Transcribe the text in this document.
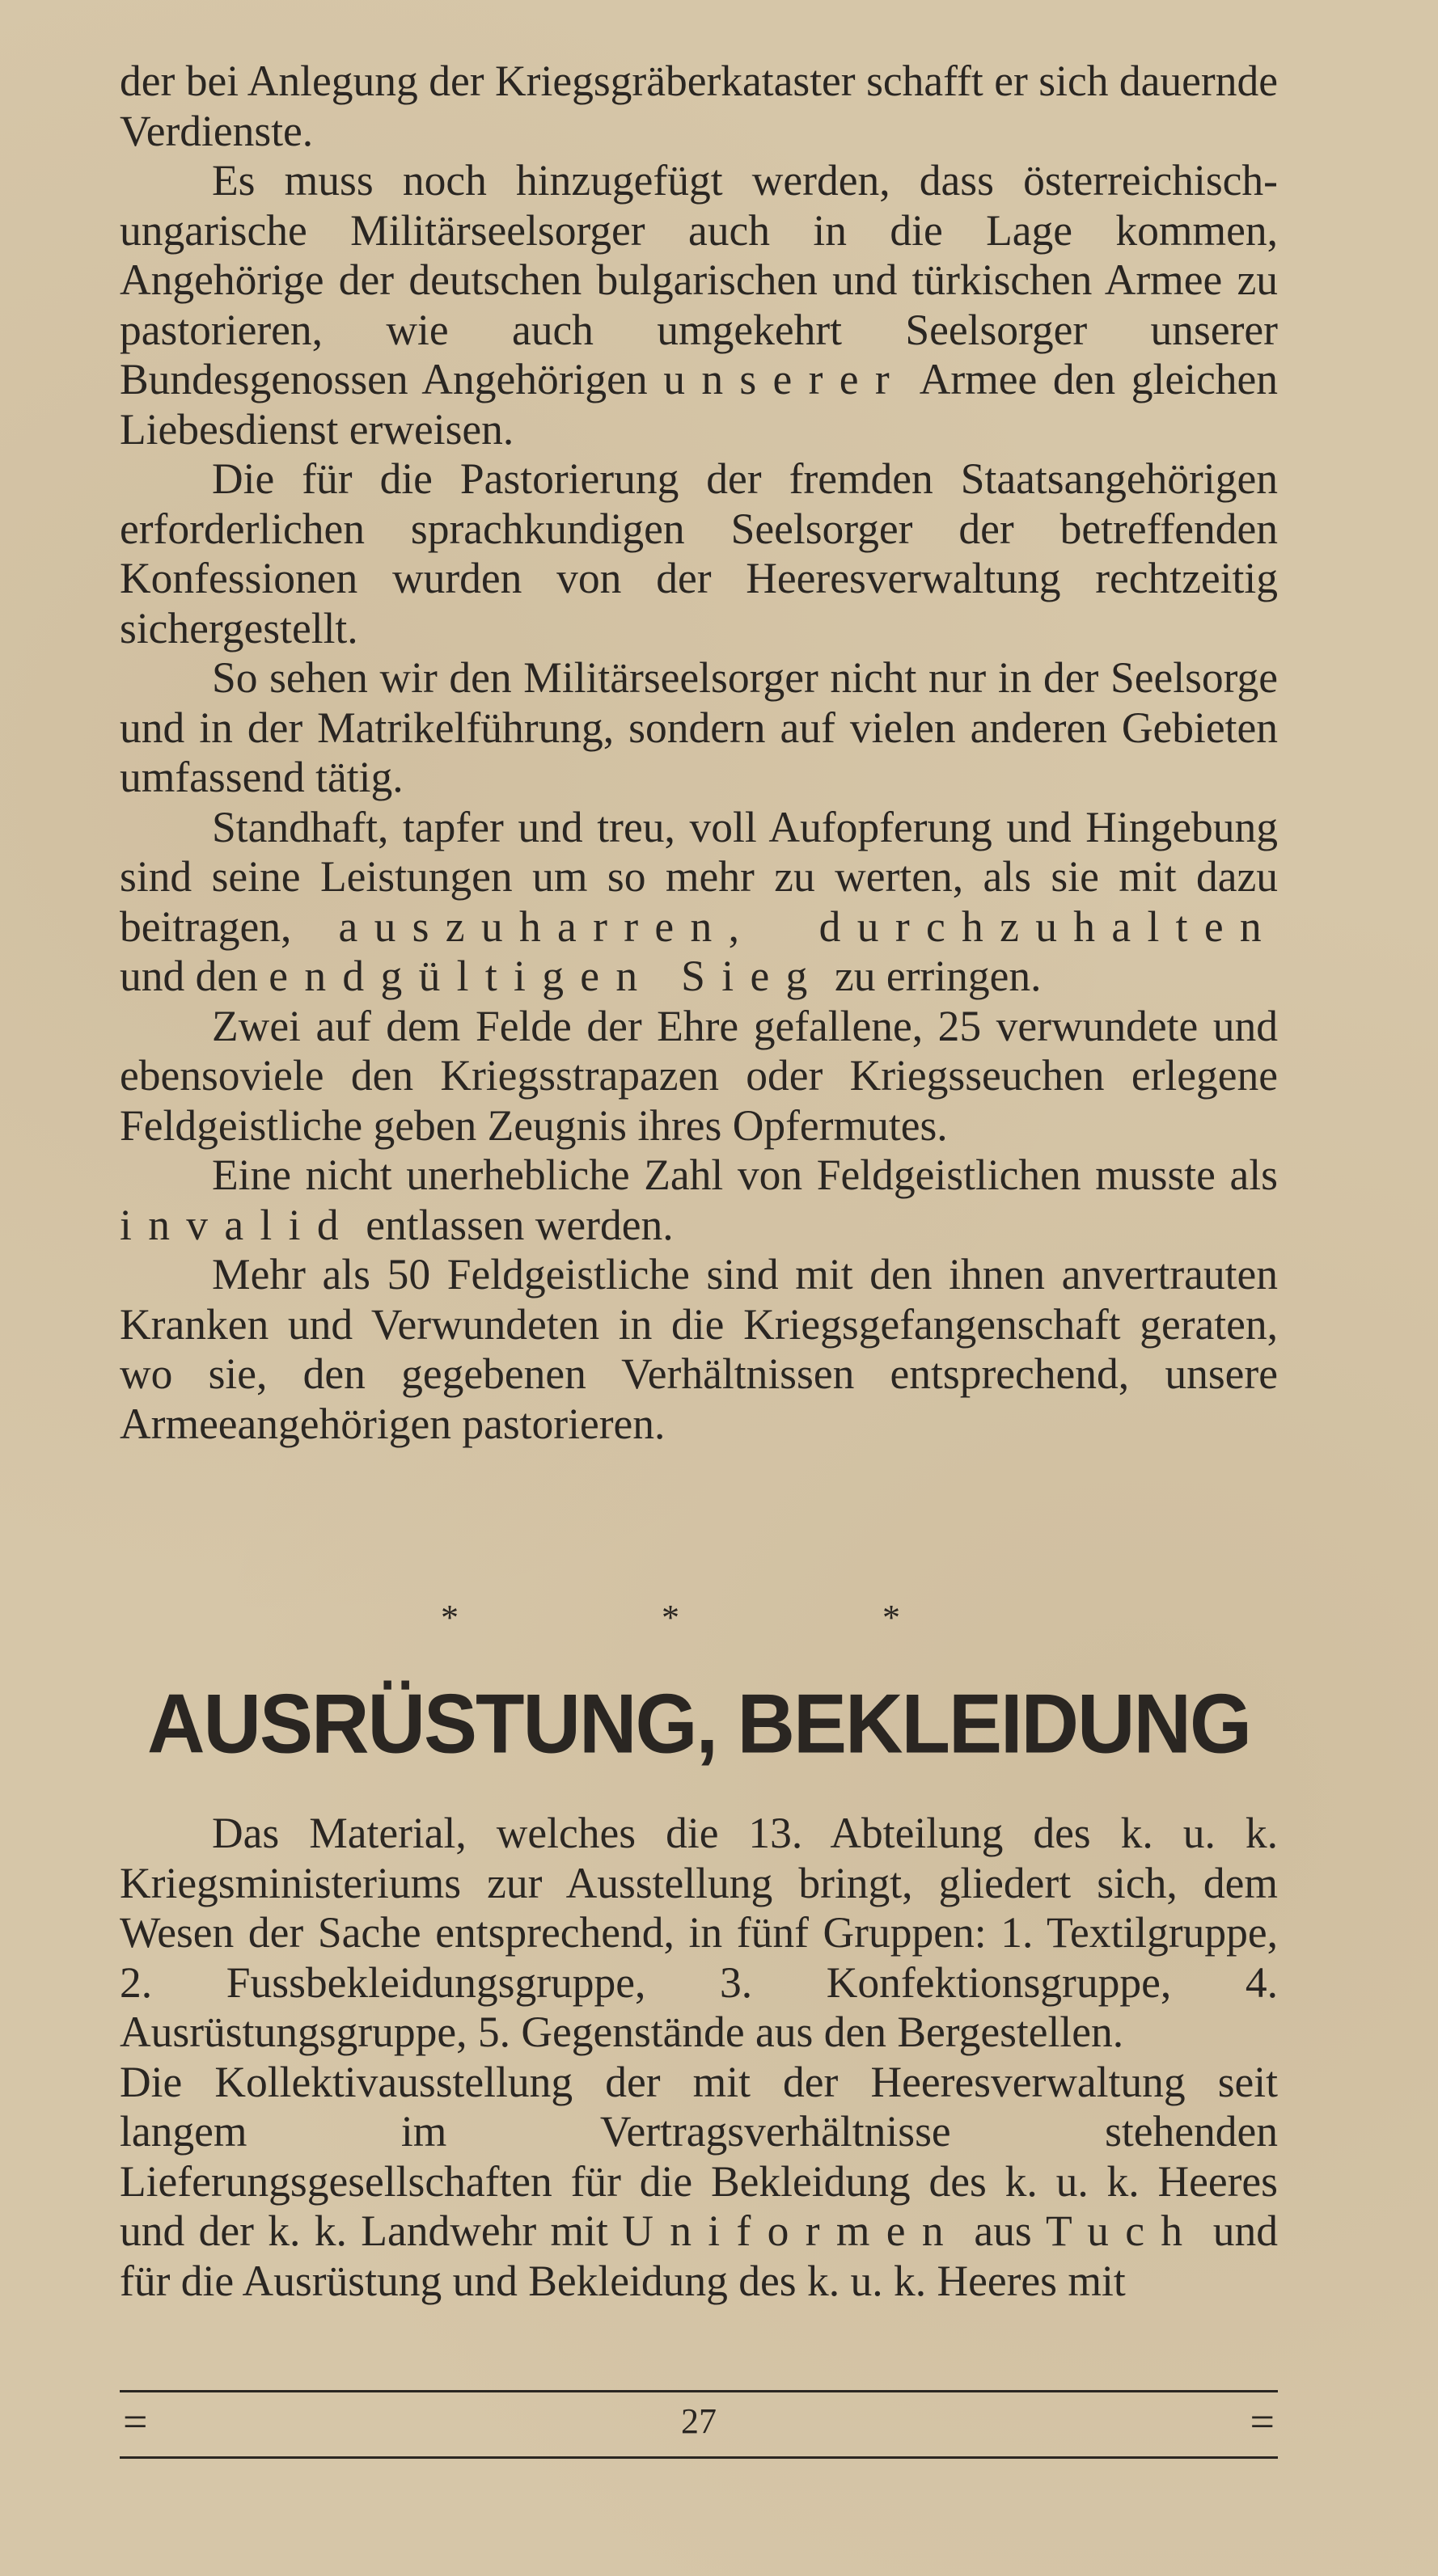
der bei Anlegung der Kriegsgräberkataster schafft er sich dauernde Verdienste.

Es muss noch hinzugefügt werden, dass österreichisch-ungarische Militärseelsorger auch in die Lage kommen, Angehörige der deutschen bulgarischen und türkischen Armee zu pastorieren, wie auch umgekehrt Seelsorger unserer Bundesgenossen Angehörigen unserer Armee den gleichen Liebesdienst erweisen.

Die für die Pastorierung der fremden Staatsangehörigen erforderlichen sprachkundigen Seelsorger der betreffenden Konfessionen wurden von der Heeresverwaltung rechtzeitig sichergestellt.

So sehen wir den Militärseelsorger nicht nur in der Seelsorge und in der Matrikelführung, sondern auf vielen anderen Gebieten umfassend tätig.

Standhaft, tapfer und treu, voll Aufopferung und Hingebung sind seine Leistungen um so mehr zu werten, als sie mit dazu beitragen, auszuharren, durchzuhalten und den endgültigen Sieg zu erringen.

Zwei auf dem Felde der Ehre gefallene, 25 verwundete und ebensoviele den Kriegsstrapazen oder Kriegsseuchen erlegene Feldgeistliche geben Zeugnis ihres Opfermutes.

Eine nicht unerhebliche Zahl von Feldgeistlichen musste als invalid entlassen werden.

Mehr als 50 Feldgeistliche sind mit den ihnen anvertrauten Kranken und Verwundeten in die Kriegsgefangenschaft geraten, wo sie, den gegebenen Verhältnissen entsprechend, unsere Armeeangehörigen pastorieren.

* * *
AUSRÜSTUNG, BEKLEIDUNG

Das Material, welches die 13. Abteilung des k. u. k. Kriegsministeriums zur Ausstellung bringt, gliedert sich, dem Wesen der Sache entsprechend, in fünf Gruppen: 1. Textilgruppe, 2. Fussbekleidungsgruppe, 3. Konfektionsgruppe, 4. Ausrüstungsgruppe, 5. Gegenstände aus den Bergestellen.

Die Kollektivausstellung der mit der Heeresverwaltung seit langem im Vertragsverhältnisse stehenden Lieferungsgesellschaften für die Bekleidung des k. u. k. Heeres und der k. k. Landwehr mit Uniformen aus Tuch und für die Ausrüstung und Bekleidung des k. u. k. Heeres mit

=	27	=
